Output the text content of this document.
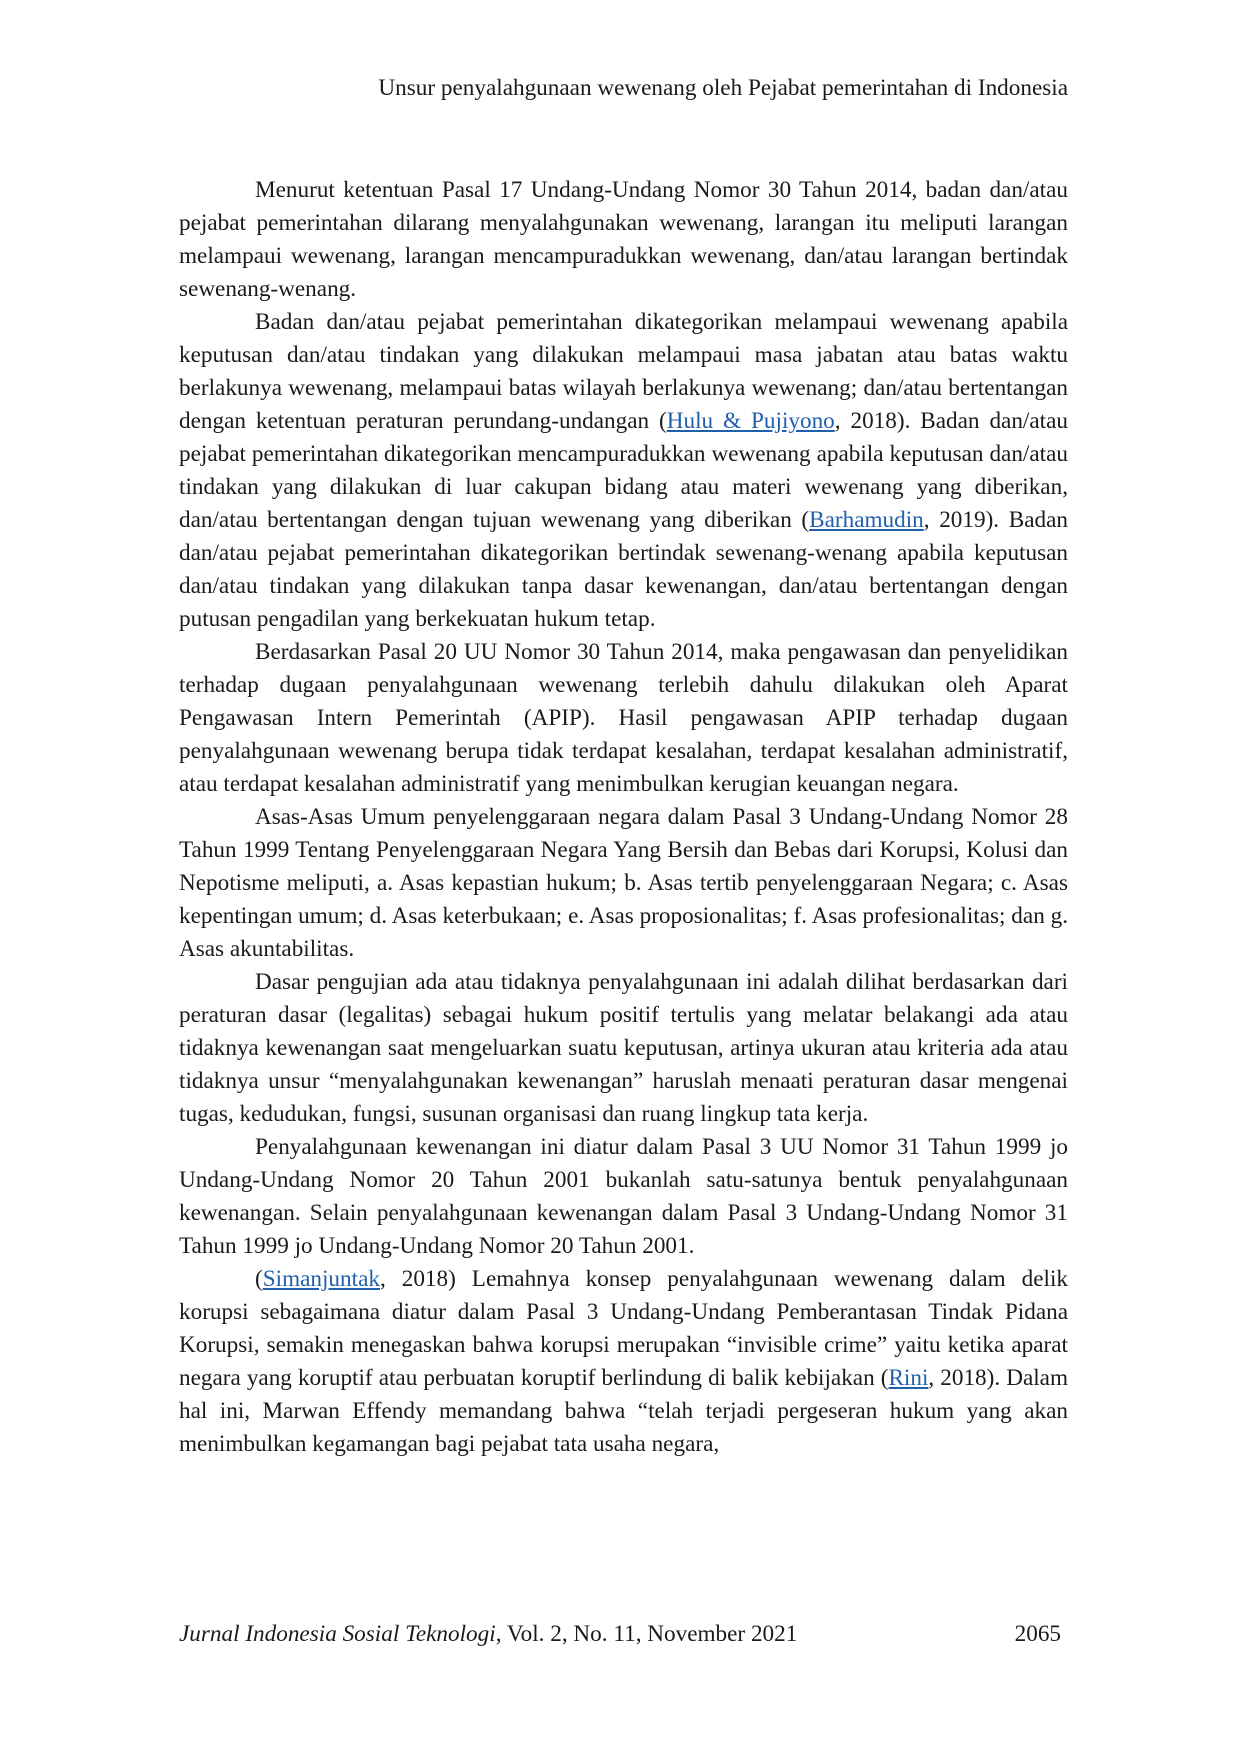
Unsur penyalahgunaan wewenang oleh Pejabat pemerintahan di Indonesia

Menurut ketentuan Pasal 17 Undang-Undang Nomor 30 Tahun 2014, badan dan/atau pejabat pemerintahan dilarang menyalahgunakan wewenang, larangan itu meliputi larangan melampaui wewenang, larangan mencampuradukkan wewenang, dan/atau larangan bertindak sewenang-wenang.

Badan dan/atau pejabat pemerintahan dikategorikan melampaui wewenang apabila keputusan dan/atau tindakan yang dilakukan melampaui masa jabatan atau batas waktu berlakunya wewenang, melampaui batas wilayah berlakunya wewenang; dan/atau bertentangan dengan ketentuan peraturan perundang-undangan (Hulu & Pujiyono, 2018). Badan dan/atau pejabat pemerintahan dikategorikan mencampuradukkan wewenang apabila keputusan dan/atau tindakan yang dilakukan di luar cakupan bidang atau materi wewenang yang diberikan, dan/atau bertentangan dengan tujuan wewenang yang diberikan (Barhamudin, 2019). Badan dan/atau pejabat pemerintahan dikategorikan bertindak sewenang-wenang apabila keputusan dan/atau tindakan yang dilakukan tanpa dasar kewenangan, dan/atau bertentangan dengan putusan pengadilan yang berkekuatan hukum tetap.

Berdasarkan Pasal 20 UU Nomor 30 Tahun 2014, maka pengawasan dan penyelidikan terhadap dugaan penyalahgunaan wewenang terlebih dahulu dilakukan oleh Aparat Pengawasan Intern Pemerintah (APIP). Hasil pengawasan APIP terhadap dugaan penyalahgunaan wewenang berupa tidak terdapat kesalahan, terdapat kesalahan administratif, atau terdapat kesalahan administratif yang menimbulkan kerugian keuangan negara.

Asas-Asas Umum penyelenggaraan negara dalam Pasal 3 Undang-Undang Nomor 28 Tahun 1999 Tentang Penyelenggaraan Negara Yang Bersih dan Bebas dari Korupsi, Kolusi dan Nepotisme meliputi, a. Asas kepastian hukum; b. Asas tertib penyelenggaraan Negara; c. Asas kepentingan umum; d. Asas keterbukaan; e. Asas proposionalitas; f. Asas profesionalitas; dan g. Asas akuntabilitas.

Dasar pengujian ada atau tidaknya penyalahgunaan ini adalah dilihat berdasarkan dari peraturan dasar (legalitas) sebagai hukum positif tertulis yang melatar belakangi ada atau tidaknya kewenangan saat mengeluarkan suatu keputusan, artinya ukuran atau kriteria ada atau tidaknya unsur “menyalahgunakan kewenangan” haruslah menaati peraturan dasar mengenai tugas, kedudukan, fungsi, susunan organisasi dan ruang lingkup tata kerja.

Penyalahgunaan kewenangan ini diatur dalam Pasal 3 UU Nomor 31 Tahun 1999 jo Undang-Undang Nomor 20 Tahun 2001 bukanlah satu-satunya bentuk penyalahgunaan kewenangan. Selain penyalahgunaan kewenangan dalam Pasal 3 Undang-Undang Nomor 31 Tahun 1999 jo Undang-Undang Nomor 20 Tahun 2001.

(Simanjuntak, 2018) Lemahnya konsep penyalahgunaan wewenang dalam delik korupsi sebagaimana diatur dalam Pasal 3 Undang-Undang Pemberantasan Tindak Pidana Korupsi, semakin menegaskan bahwa korupsi merupakan “invisible crime” yaitu ketika aparat negara yang koruptif atau perbuatan koruptif berlindung di balik kebijakan (Rini, 2018). Dalam hal ini, Marwan Effendy memandang bahwa “telah terjadi pergeseran hukum yang akan menimbulkan kegamangan bagi pejabat tata usaha negara,

Jurnal Indonesia Sosial Teknologi, Vol. 2, No. 11, November 2021	2065
